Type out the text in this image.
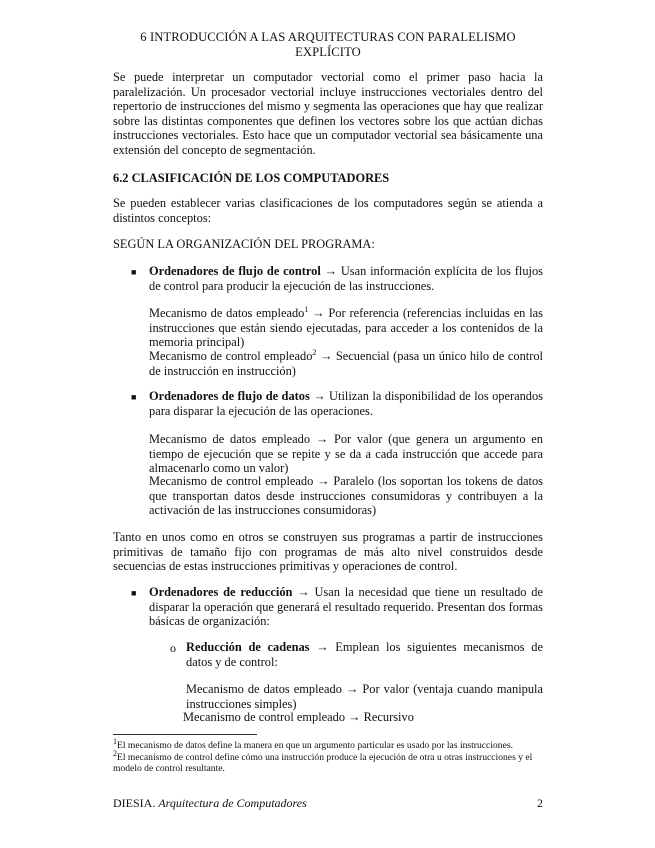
6 INTRODUCCIÓN A LAS ARQUITECTURAS CON PARALELISMO EXPLÍCITO
Se puede interpretar un computador vectorial como el primer paso hacia la paralelización. Un procesador vectorial incluye instrucciones vectoriales dentro del repertorio de instrucciones del mismo y segmenta las operaciones que hay que realizar sobre las distintas componentes que definen los vectores sobre los que actúan dichas instrucciones vectoriales. Esto hace que un computador vectorial sea básicamente una extensión del concepto de segmentación.
6.2 CLASIFICACIÓN DE LOS COMPUTADORES
Se pueden establecer varias clasificaciones de los computadores según se atienda a distintos conceptos:
SEGÚN LA ORGANIZACIÓN DEL PROGRAMA:
■ Ordenadores de flujo de control → Usan información explícita de los flujos de control para producir la ejecución de las instrucciones.
Mecanismo de datos empleado$^1$ → Por referencia (referencias incluidas en las instrucciones que están siendo ejecutadas, para acceder a los contenidos de la memoria principal)
Mecanismo de control empleado$^2$ → Secuencial (pasa un único hilo de control de instrucción en instrucción)
■ Ordenadores de flujo de datos → Utilizan la disponibilidad de los operandos para disparar la ejecución de las operaciones.
Mecanismo de datos empleado → Por valor (que genera un argumento en tiempo de ejecución que se repite y se da a cada instrucción que accede para almacenarlo como un valor)
Mecanismo de control empleado → Paralelo (los soportan los tokens de datos que transportan datos desde instrucciones consumidoras y contribuyen a la activación de las instrucciones consumidoras)
Tanto en unos como en otros se construyen sus programas a partir de instrucciones primitivas de tamaño fijo con programas de más alto nivel construidos desde secuencias de estas instrucciones primitivas y operaciones de control.
■ Ordenadores de reducción → Usan la necesidad que tiene un resultado de disparar la operación que generará el resultado requerido. Presentan dos formas básicas de organización:
o Reducción de cadenas → Emplean los siguientes mecanismos de datos y de control:
Mecanismo de datos empleado → Por valor (ventaja cuando manipula instrucciones simples)
Mecanismo de control empleado → Recursivo
$^1$El mecanismo de datos define la manera en que un argumento particular es usado por las instrucciones.
$^2$El mecanismo de control define cómo una instrucción produce la ejecución de otra u otras instrucciones y el modelo de control resultante.
DIESIA. Arquitectura de Computadores	2
